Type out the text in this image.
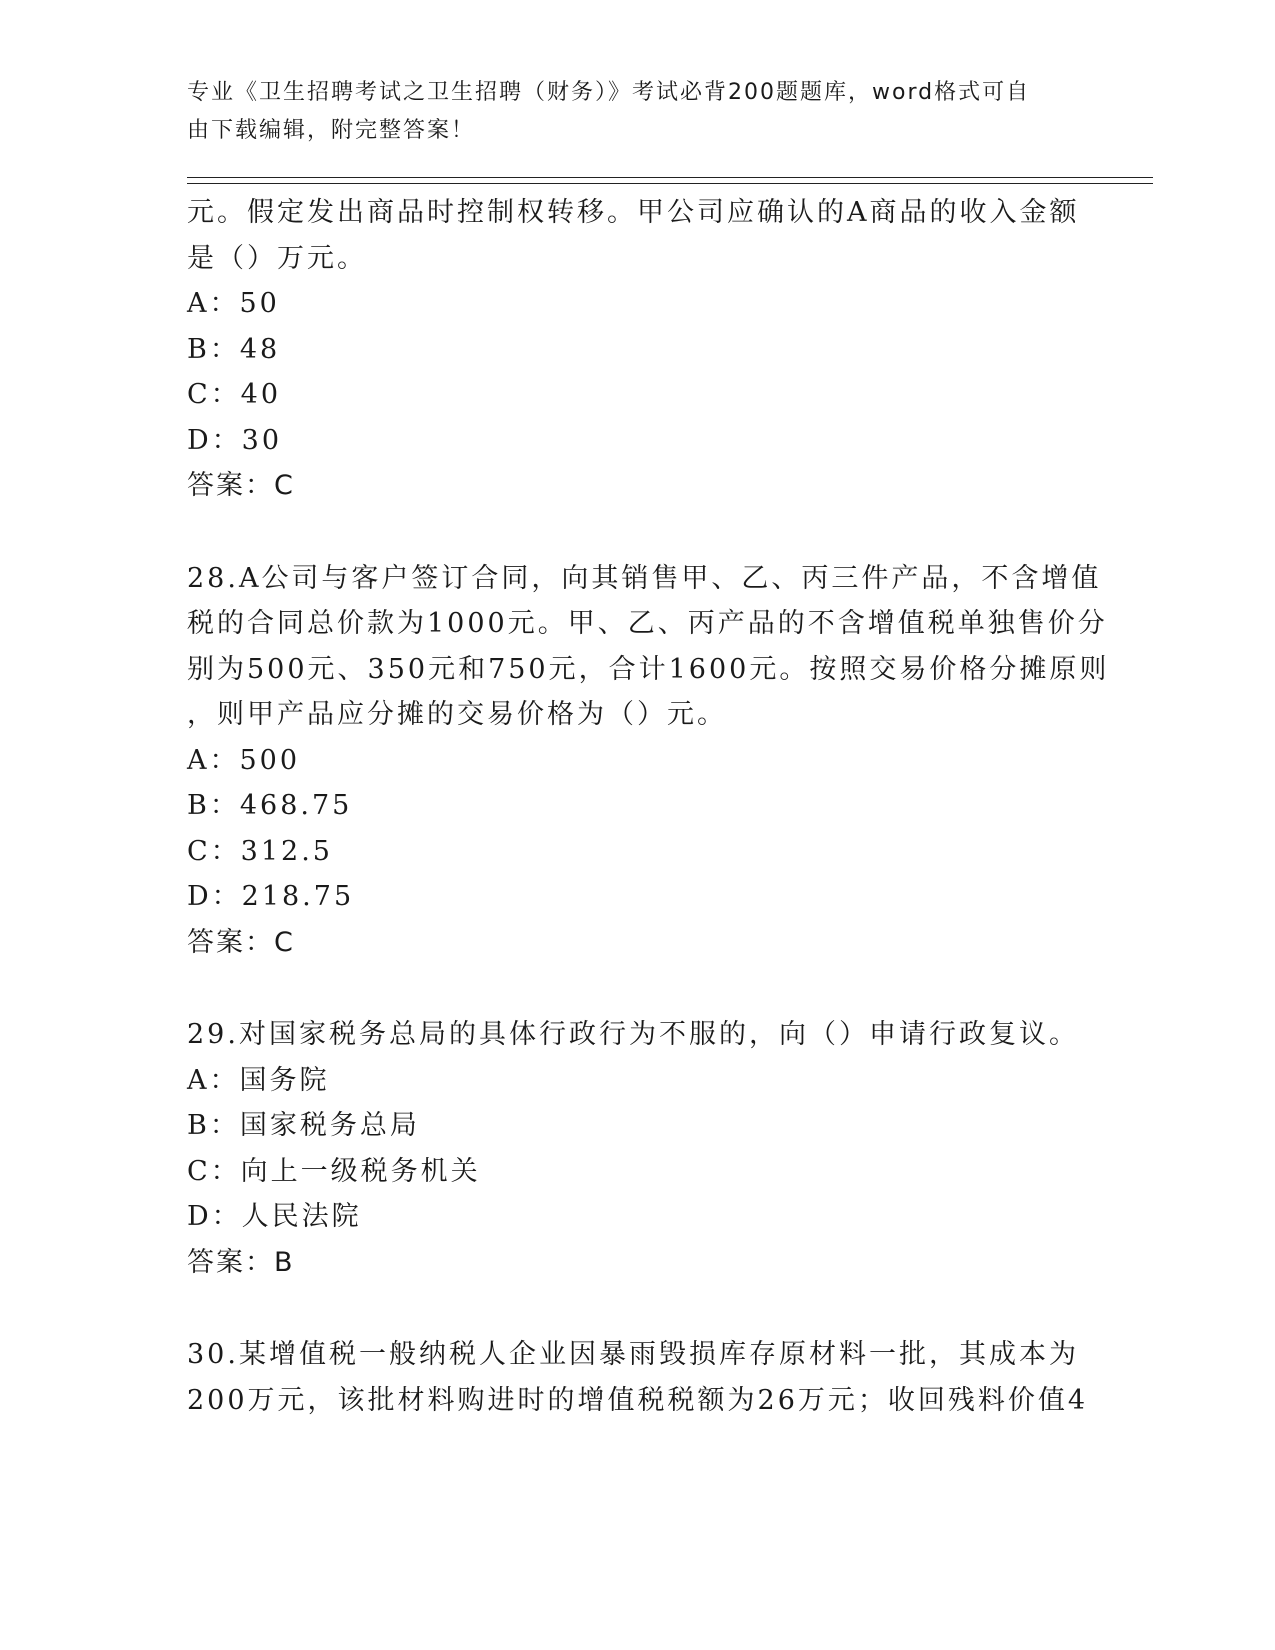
专业《卫生招聘考试之卫生招聘（财务）》考试必背200题题库，word格式可自
由下载编辑，附完整答案！
元。假定发出商品时控制权转移。甲公司应确认的A商品的收入金额
是（）万元。
A：50
B：48
C：40
D：30
答案：C
28.A公司与客户签订合同，向其销售甲、乙、丙三件产品，不含增值
税的合同总价款为1000元。甲、乙、丙产品的不含增值税单独售价分
别为500元、350元和750元，合计1600元。按照交易价格分摊原则
，则甲产品应分摊的交易价格为（）元。
A：500
B：468.75
C：312.5
D：218.75
答案：C
29.对国家税务总局的具体行政行为不服的，向（）申请行政复议。
A：国务院
B：国家税务总局
C：向上一级税务机关
D：人民法院
答案：B
30.某增值税一般纳税人企业因暴雨毁损库存原材料一批，其成本为
200万元，该批材料购进时的增值税税额为26万元；收回残料价值4
